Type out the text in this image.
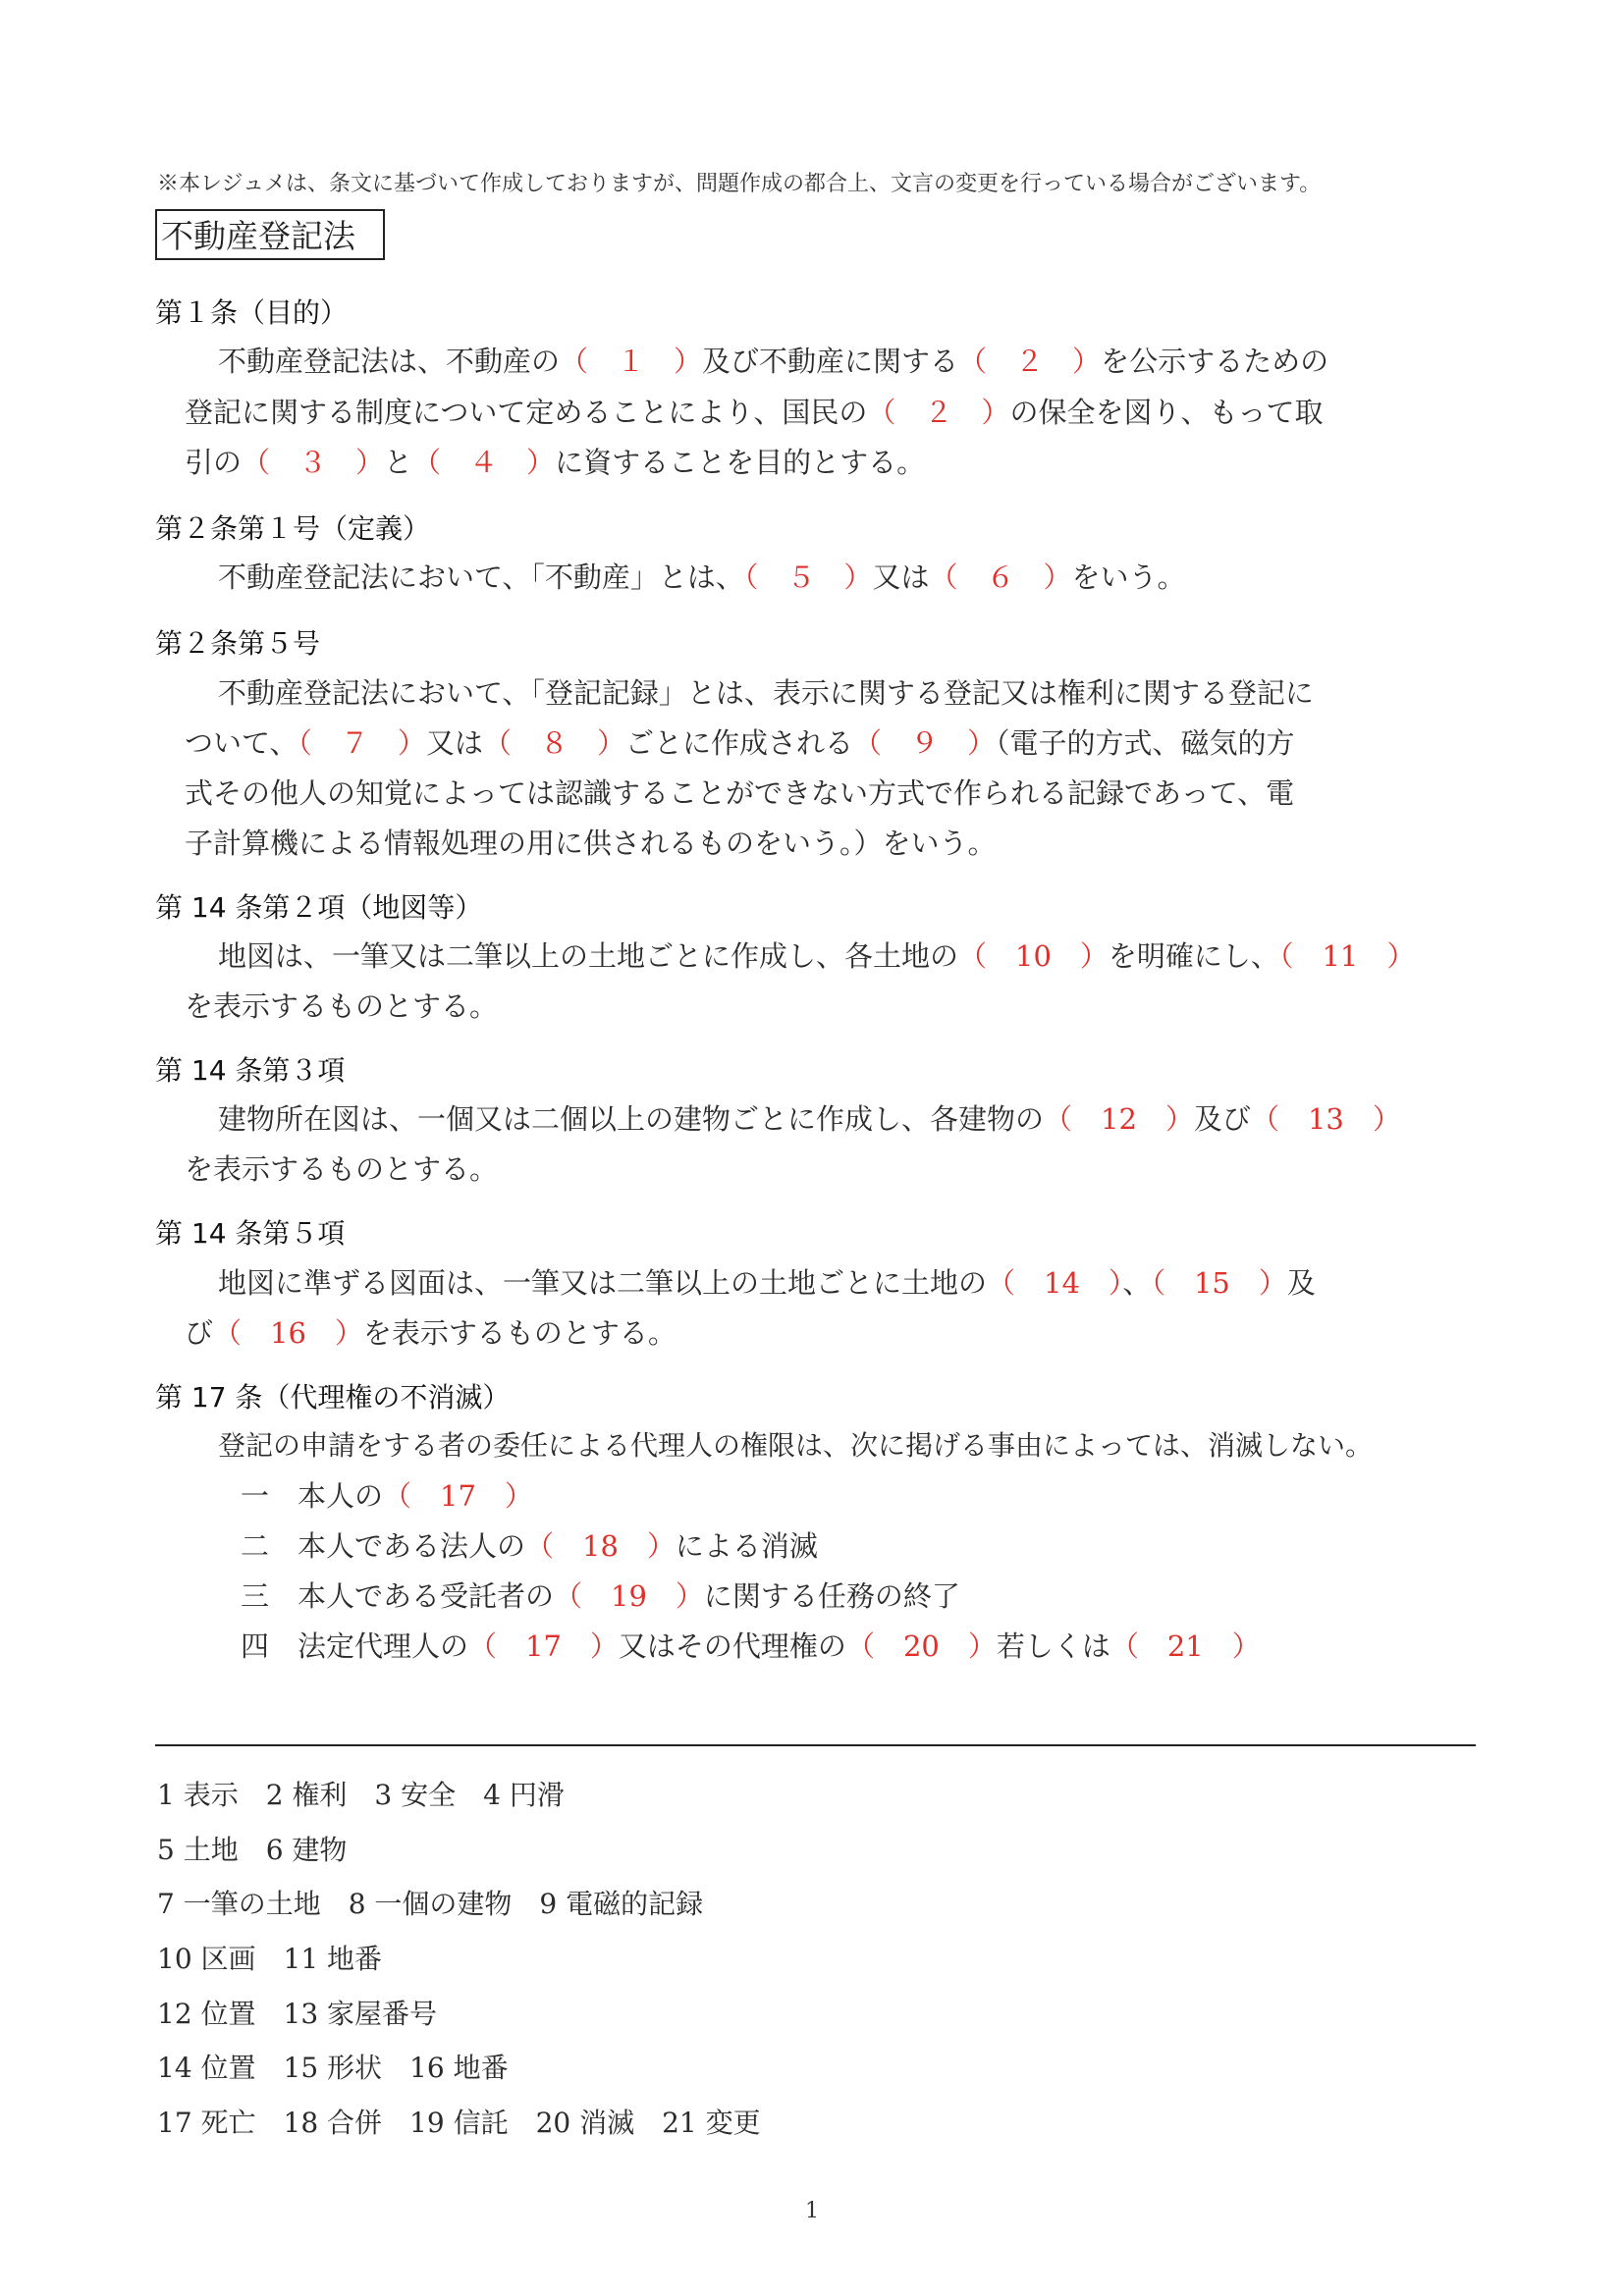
※本レジュメは、条文に基づいて作成しておりますが、問題作成の都合上、文言の変更を行っている場合がございます。
不動産登記法
第１条（目的）
不動産登記法は、不動産の（　１　）及び不動産に関する（　２　）を公示するための
登記に関する制度について定めることにより、国民の（　２　）の保全を図り、もって取
引の（　３　）と（　４　）に資することを目的とする。
第２条第１号（定義）
不動産登記法において、「不動産」とは、（　５　）又は（　６　）をいう。
第２条第５号
不動産登記法において、「登記記録」とは、表示に関する登記又は権利に関する登記に
ついて、（　７　）又は（　８　）ごとに作成される（　９　）（電子的方式、磁気的方
式その他人の知覚によっては認識することができない方式で作られる記録であって、電
子計算機による情報処理の用に供されるものをいう。）をいう。
第 14 条第２項（地図等）
地図は、一筆又は二筆以上の土地ごとに作成し、各土地の（　10　）を明確にし、（　11　）
を表示するものとする。
第 14 条第３項
建物所在図は、一個又は二個以上の建物ごとに作成し、各建物の（　12　）及び（　13　）
を表示するものとする。
第 14 条第５項
地図に準ずる図面は、一筆又は二筆以上の土地ごとに土地の（　14　）、（　15　）及
び（　16　）を表示するものとする。
第 17 条（代理権の不消滅）
登記の申請をする者の委任による代理人の権限は、次に掲げる事由によっては、消滅しない。
一　本人の（　17　）
二　本人である法人の（　18　）による消滅
三　本人である受託者の（　19　）に関する任務の終了
四　法定代理人の（　17　）又はその代理権の（　20　）若しくは（　21　）
1 表示　2 権利　3 安全　4 円滑
5 土地　6 建物
7 一筆の土地　8 一個の建物　9 電磁的記録
10 区画　11 地番
12 位置　13 家屋番号
14 位置　15 形状　16 地番
17 死亡　18 合併　19 信託　20 消滅　21 変更
1
